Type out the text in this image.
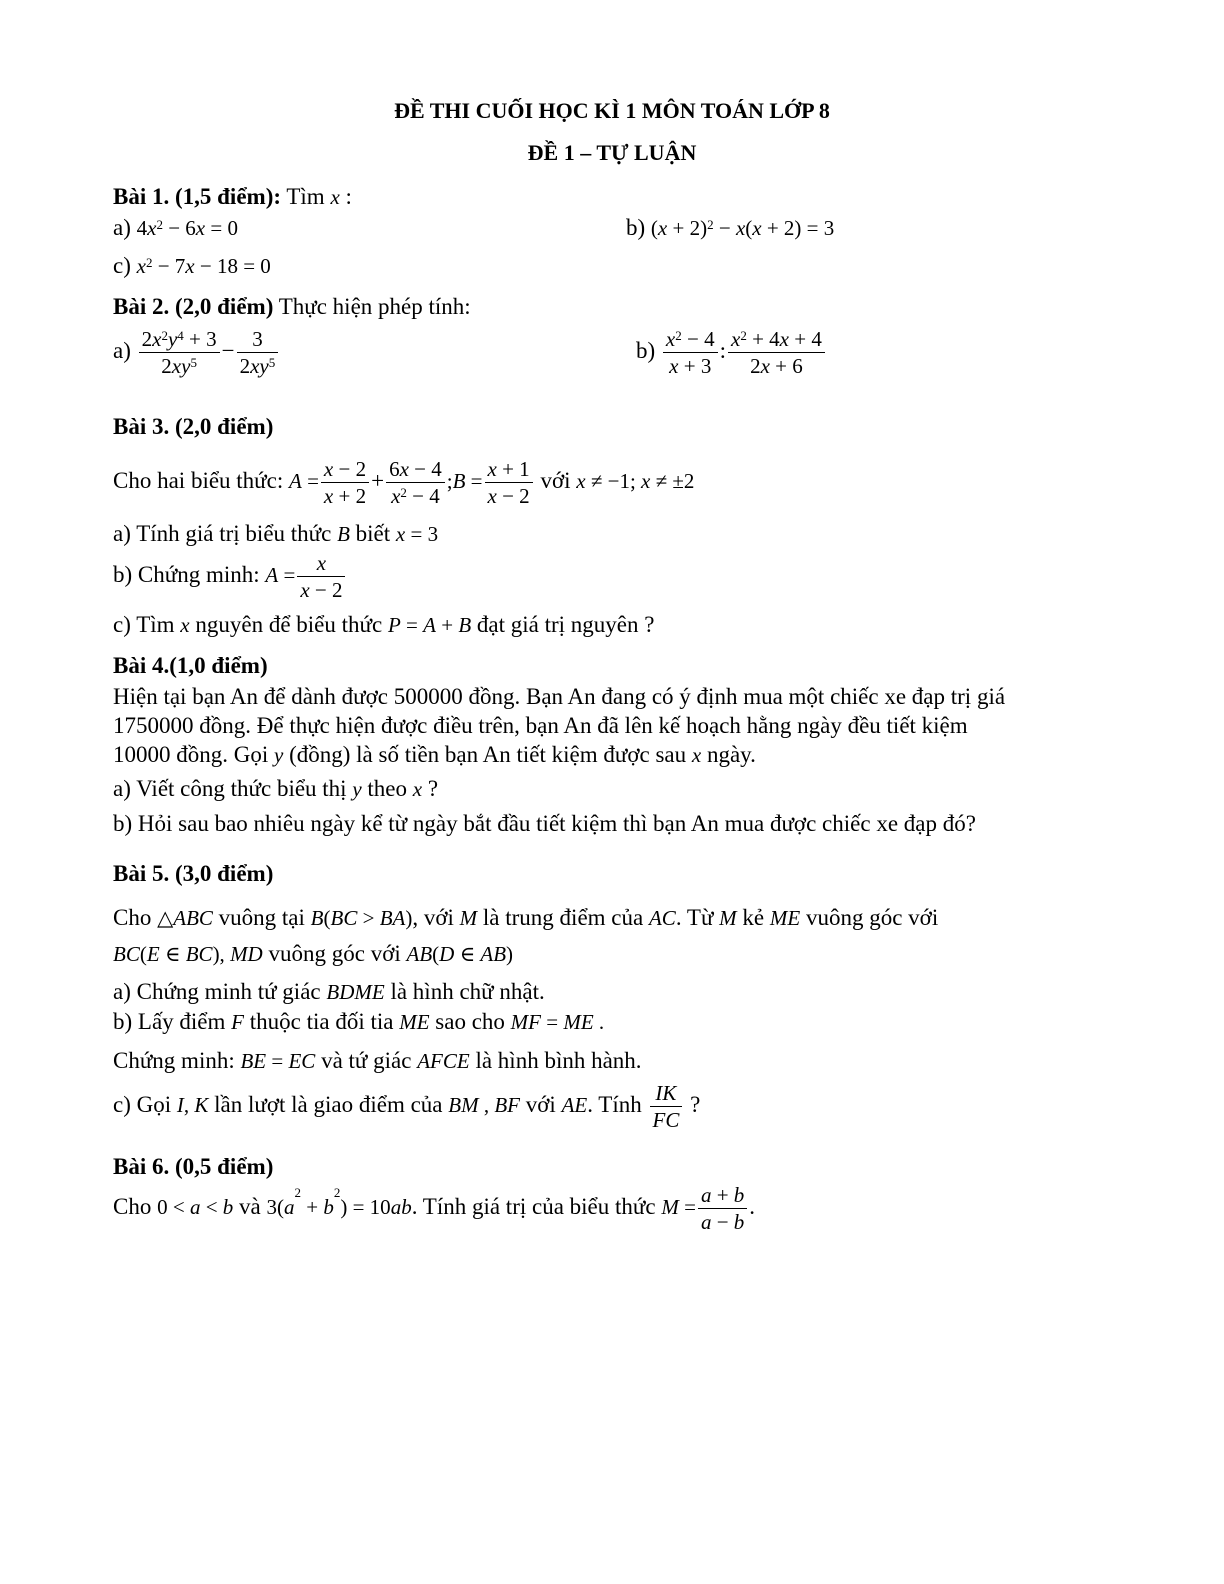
ĐỀ THI CUỐI HỌC KÌ 1 MÔN TOÁN LỚP 8
ĐỀ 1 – TỰ LUẬN
Bài 1. (1,5 điểm): Tìm x :
a) $4x^2 - 6x = 0$	b) $(x + 2)^2 - x(x + 2) = 3$
c) $x^2 - 7x - 18 = 0$
Bài 2. (2,0 điểm) Thực hiện phép tính:
$a) \frac{2x^2y^4 + 3}{2xy^5} - \frac{3}{2xy^5}$	$b) \frac{x^2 - 4}{x + 3}$ : $\frac{x^2 + 4x + 4}{2x + 6}$
Bài 3. (2,0 điểm)
Cho hai biểu thức: $A = \frac{x - 2}{x + 2} + \frac{6x - 4}{x^2 - 4}$ ;B = $\frac{x + 1}{x - 2}$ với x ≠ −1; x ≠ ±2
a) Tính giá trị biểu thức B biết x = 3
b) Chứng minh: $A = \frac{x}{x - 2}$
c) Tìm x nguyên để biểu thức P = A + B đạt giá trị nguyên ?
Bài 4.(1,0 điểm)
Hiện tại bạn An để dành được 500000 đồng. Bạn An đang có ý định mua một chiếc xe đạp trị giá
1750000 đồng. Để thực hiện được điều trên, bạn An đã lên kế hoạch hằng ngày đều tiết kiệm
10000 đồng. Gọi y (đồng) là số tiền bạn An tiết kiệm được sau x ngày.
a) Viết công thức biểu thị y theo x ?
b) Hỏi sau bao nhiêu ngày kể từ ngày bắt đầu tiết kiệm thì bạn An mua được chiếc xe đạp đó?
Bài 5. (3,0 điểm)
Cho △ABC vuông tại B(BC > BA), với M là trung điểm của AC. Từ M kẻ ME vuông góc với
BC(E ∈ BC), MD vuông góc với AB(D ∈ AB)
a) Chứng minh tứ giác BDME là hình chữ nhật.
b) Lấy điểm F thuộc tia đối tia ME sao cho MF = ME .
Chứng minh: BE = EC và tứ giác AFCE là hình bình hành.
c) Gọi I, K lần lượt là giao điểm của BM , BF với AE. Tính $\frac{IK}{FC}$ ?
Bài 6. (0,5 điểm)
Cho 0 < a < b và $3(a^2 + b^2) = 10ab$. Tính giá trị của biểu thức $M = \frac{a + b}{a - b}$ .
